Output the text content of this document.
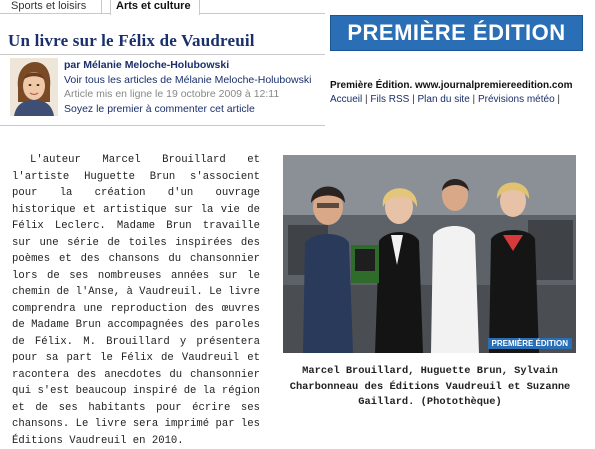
Sports et loisirs	Arts et culture
Un livre sur le Félix de Vaudreuil
par Mélanie Meloche-Holubowski
Voir tous les articles de Mélanie Meloche-Holubowski
Article mis en ligne le 19 octobre 2009 à 12:11
Soyez le premier à commenter cet article
PREMIÈRE ÉDITION
Première Édition. www.journalpremiereedition.com
Accueil | Fils RSS | Plan du site | Prévisions météo |

L'auteur Marcel Brouillard et l'artiste Huguette Brun s'associent pour la création d'un ouvrage historique et artistique sur la vie de Félix Leclerc. Madame Brun travaille sur une série de toiles inspirées des poèmes et des chansons du chansonnier lors de ses nombreuses années sur le chemin de l'Anse, à Vaudreuil. Le livre comprendra une reproduction des œuvres de Madame Brun accompagnées des paroles de Félix. M. Brouillard y présentera pour sa part le Félix de Vaudreuil et racontera des anecdotes du chansonnier qui s'est beaucoup inspiré de la région et de ses habitants pour écrire ses chansons. Le livre sera imprimé par les Éditions Vaudreuil en 2010.

PREMIÈRE ÉDITION

Marcel Brouillard, Huguette Brun, Sylvain Charbonneau des Éditions Vaudreuil et Suzanne Gaillard. (Photothèque)
